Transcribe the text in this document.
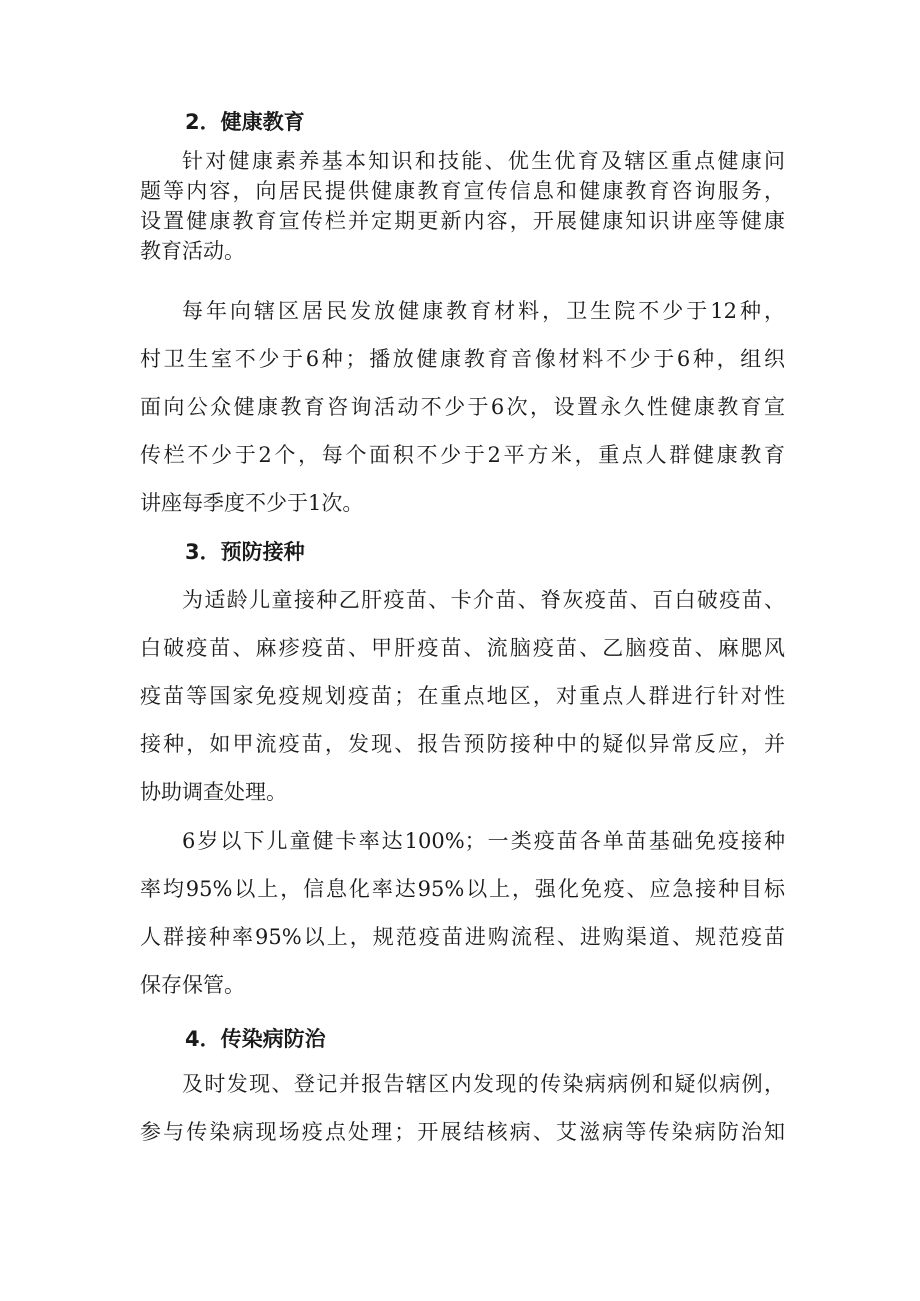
2．健康教育

针对健康素养基本知识和技能、优生优育及辖区重点健康问

题等内容，向居民提供健康教育宣传信息和健康教育咨询服务，

设置健康教育宣传栏并定期更新内容，开展健康知识讲座等健康

教育活动。

每年向辖区居民发放健康教育材料，卫生院不少于12种，

村卫生室不少于6种；播放健康教育音像材料不少于6种，组织

面向公众健康教育咨询活动不少于6次，设置永久性健康教育宣

传栏不少于2个，每个面积不少于2平方米，重点人群健康教育

讲座每季度不少于1次。

3．预防接种

为适龄儿童接种乙肝疫苗、卡介苗、脊灰疫苗、百白破疫苗、

白破疫苗、麻疹疫苗、甲肝疫苗、流脑疫苗、乙脑疫苗、麻腮风

疫苗等国家免疫规划疫苗；在重点地区，对重点人群进行针对性

接种，如甲流疫苗，发现、报告预防接种中的疑似异常反应，并

协助调查处理。

6岁以下儿童健卡率达100%；一类疫苗各单苗基础免疫接种

率均95%以上，信息化率达95%以上，强化免疫、应急接种目标

人群接种率95%以上，规范疫苗进购流程、进购渠道、规范疫苗

保存保管。

4．传染病防治

及时发现、登记并报告辖区内发现的传染病病例和疑似病例，

参与传染病现场疫点处理；开展结核病、艾滋病等传染病防治知
